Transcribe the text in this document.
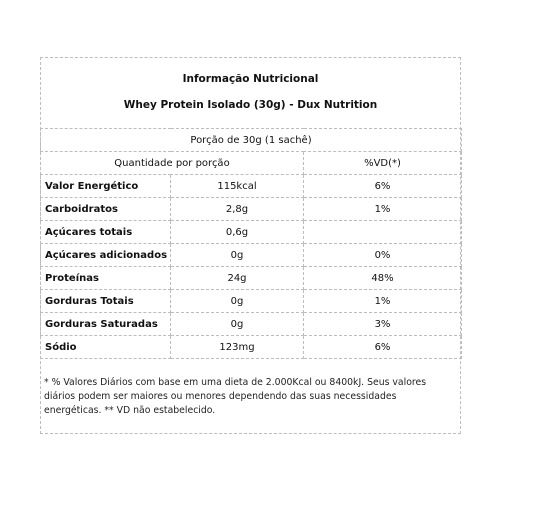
Informação Nutricional
Whey Protein Isolado (30g) - Dux Nutrition
Porção de 30g (1 sachê)		
Quantidade por porção		%VD(*)
Valor Energético	115kcal	6%
Carboidratos	2,8g	1%
Açúcares totais	0,6g	
Açúcares adicionados	0g	0%
Proteínas	24g	48%
Gorduras Totais	0g	1%
Gorduras Saturadas	0g	3%
Sódio	123mg	6%
* % Valores Diários com base em uma dieta de 2.000Kcal ou 8400kJ. Seus valores diários podem ser maiores ou menores dependendo das suas necessidades energéticas. ** VD não estabelecido.
